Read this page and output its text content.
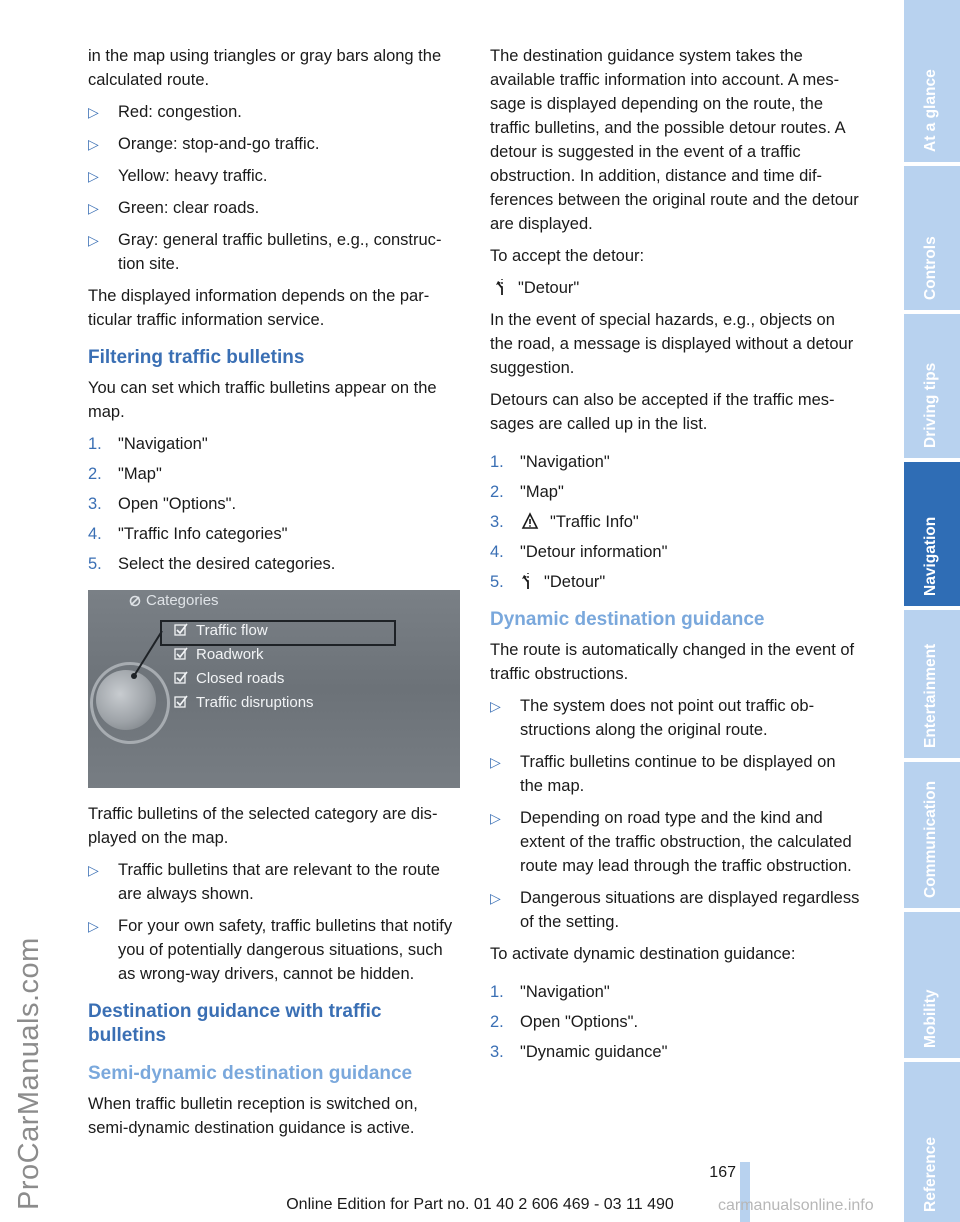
in the map using triangles or gray bars along the calculated route.

▷ Red: congestion.
▷ Orange: stop-and-go traffic.
▷ Yellow: heavy traffic.
▷ Green: clear roads.
▷ Gray: general traffic bulletins, e.g., construction site.

The displayed information depends on the particular traffic information service.

Filtering traffic bulletins

You can set which traffic bulletins appear on the map.

1. "Navigation"
2. "Map"
3. Open "Options".
4. "Traffic Info categories"
5. Select the desired categories.
Categories
Traffic flow
Roadwork
Closed roads
Traffic disruptions

Traffic bulletins of the selected category are displayed on the map.

▷ Traffic bulletins that are relevant to the route are always shown.
▷ For your own safety, traffic bulletins that notify you of potentially dangerous situations, such as wrong-way drivers, cannot be hidden.
Destination guidance with traffic bulletins
Semi-dynamic destination guidance

When traffic bulletin reception is switched on, semi-dynamic destination guidance is active.

The destination guidance system takes the available traffic information into account. A message is displayed depending on the route, the traffic bulletins, and the possible detour routes. A detour is suggested in the event of a traffic obstruction. In addition, distance and time differences between the original route and the detour are displayed.

To accept the detour:

"Detour"

In the event of special hazards, e.g., objects on the road, a message is displayed without a detour suggestion.

Detours can also be accepted if the traffic messages are called up in the list.

1. "Navigation"
2. "Map"
3.	"Traffic Info"
4. "Detour information"
5. "Detour"
Dynamic destination guidance

The route is automatically changed in the event of traffic obstructions.

▷ The system does not point out traffic obstructions along the original route.
▷ Traffic bulletins continue to be displayed on the map.
▷ Depending on road type and the kind and extent of the traffic obstruction, the calculated route may lead through the traffic obstruction.
▷ Dangerous situations are displayed regardless of the setting.

To activate dynamic destination guidance:

1. "Navigation"
2. Open "Options".
3. "Dynamic guidance"
At a glance
Controls
Driving tips
Navigation
Entertainment
Communication
Mobility
Reference
ProCarManuals.com	167
Online Edition for Part no. 01 40 2 606 469 - 03 11 490	carmanualsonline.info
